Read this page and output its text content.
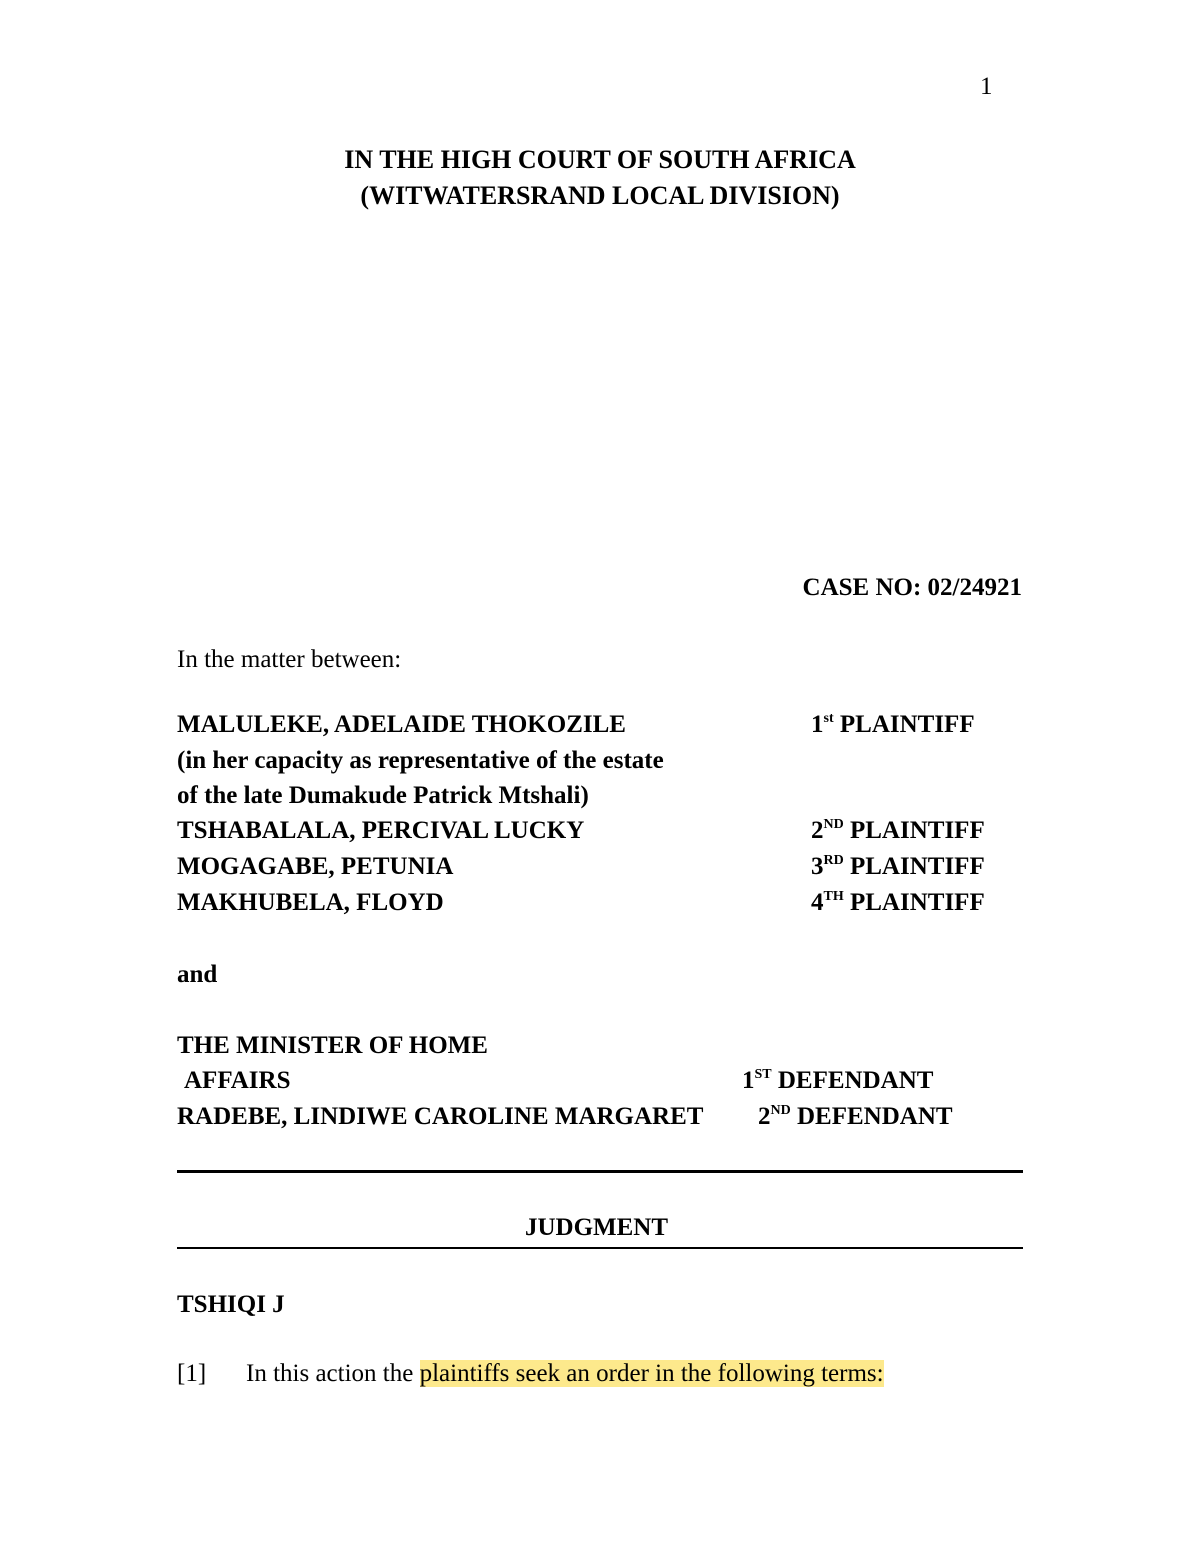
1
IN THE HIGH COURT OF SOUTH AFRICA
(WITWATERSRAND LOCAL DIVISION)
CASE NO: 02/24921
In the matter between:
MALULEKE, ADELAIDE THOKOZILE	1st PLAINTIFF
(in her capacity as representative of the estate
of the late Dumakude Patrick Mtshali)
TSHABALALA, PERCIVAL LUCKY	2ND PLAINTIFF
MOGAGABE, PETUNIA	3RD PLAINTIFF
MAKHUBELA, FLOYD	4TH PLAINTIFF
and
THE MINISTER OF HOME
AFFAIRS	1ST DEFENDANT
RADEBE, LINDIWE CAROLINE MARGARET 2ND DEFENDANT
JUDGMENT
TSHIQI J
[1] In this action the plaintiffs seek an order in the following terms:
